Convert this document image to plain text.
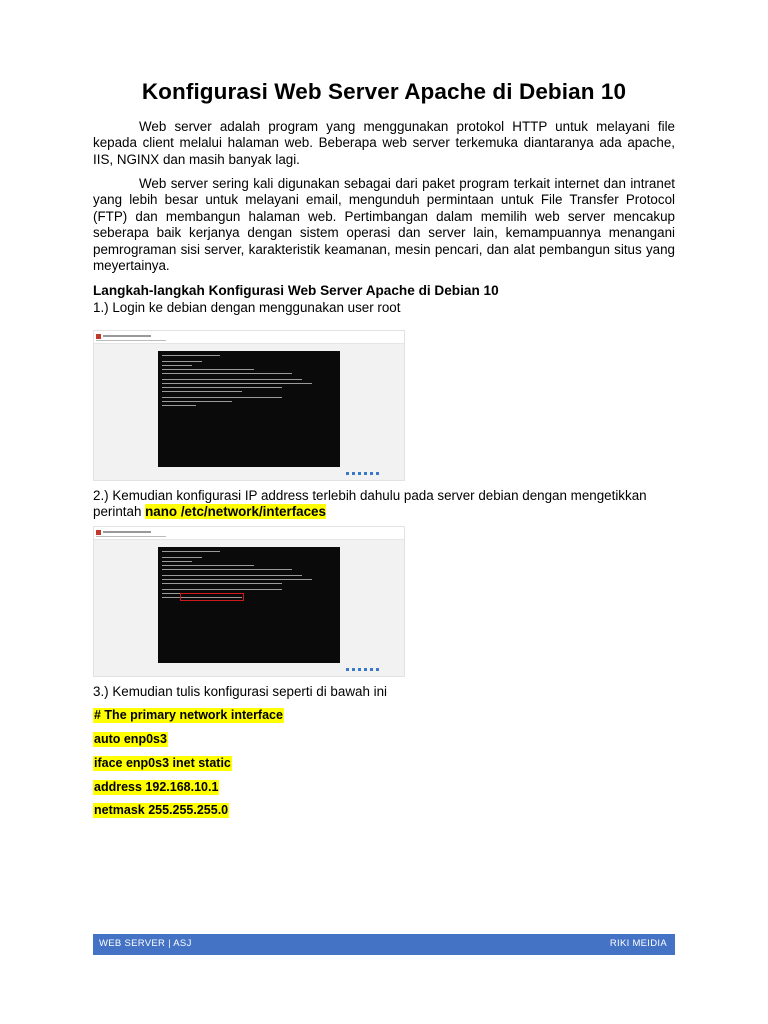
Konfigurasi Web Server Apache di Debian 10

Web server adalah program yang menggunakan protokol HTTP untuk melayani file kepada client melalui halaman web. Beberapa web server terkemuka diantaranya ada apache, IIS, NGINX dan masih banyak lagi.

Web server sering kali digunakan sebagai dari paket program terkait internet dan intranet yang lebih besar untuk melayani email, mengunduh permintaan untuk File Transfer Protocol (FTP) dan membangun halaman web. Pertimbangan dalam memilih web server mencakup seberapa baik kerjanya dengan sistem operasi dan server lain, kemampuannya menangani pemrograman sisi server, karakteristik keamanan, mesin pencari, dan alat pembangun situs yang meyertainya.

Langkah-langkah Konfigurasi Web Server Apache di Debian 10

1.) Login ke debian dengan menggunakan user root

2.) Kemudian konfigurasi IP address terlebih dahulu pada server debian dengan mengetikkan perintah nano /etc/network/interfaces

3.) Kemudian tulis konfigurasi seperti di bawah ini

# The primary network interface

auto enp0s3

iface enp0s3 inet static

address 192.168.10.1

netmask 255.255.255.0

WEB SERVER | ASJ	RIKI MEIDIA
